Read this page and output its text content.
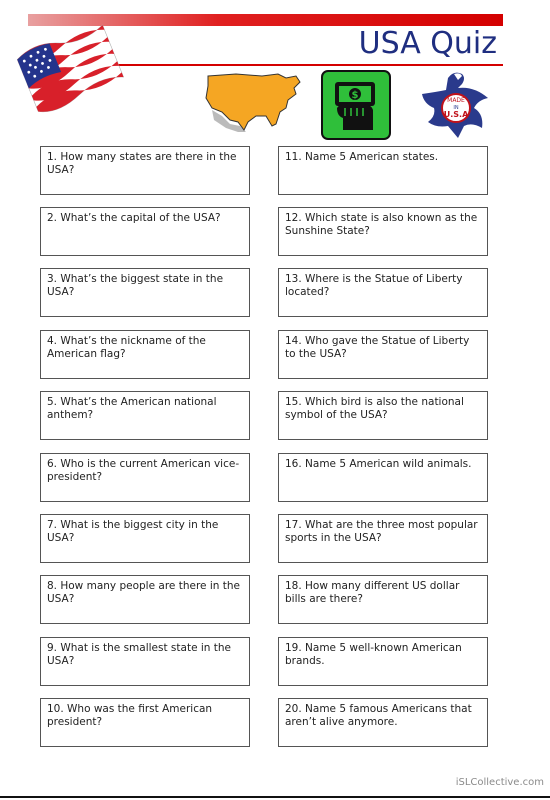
USA Quiz
$	MADE
IN
U.S.A
1. How many states are there in the USA?
2. What’s the capital of the USA?
3. What’s the biggest state in the USA?
4. What’s the nickname of the American flag?
5. What’s the American national anthem?
6. Who is the current American vice-president?
7. What is the biggest city in the USA?
8. How many people are there in the USA?
9. What is the smallest state in the USA?
10. Who was the first American president?
11. Name 5 American states.
12. Which state is also known as the Sunshine State?
13. Where is the Statue of Liberty located?
14. Who gave the Statue of Liberty to the USA?
15. Which bird is also the national symbol of the USA?
16. Name 5 American wild animals.
17. What are the three most popular sports in the USA?
18. How many different US dollar bills are there?
19. Name 5 well-known American brands.
20. Name 5 famous Americans that aren’t alive anymore.
iSLCollective.com
